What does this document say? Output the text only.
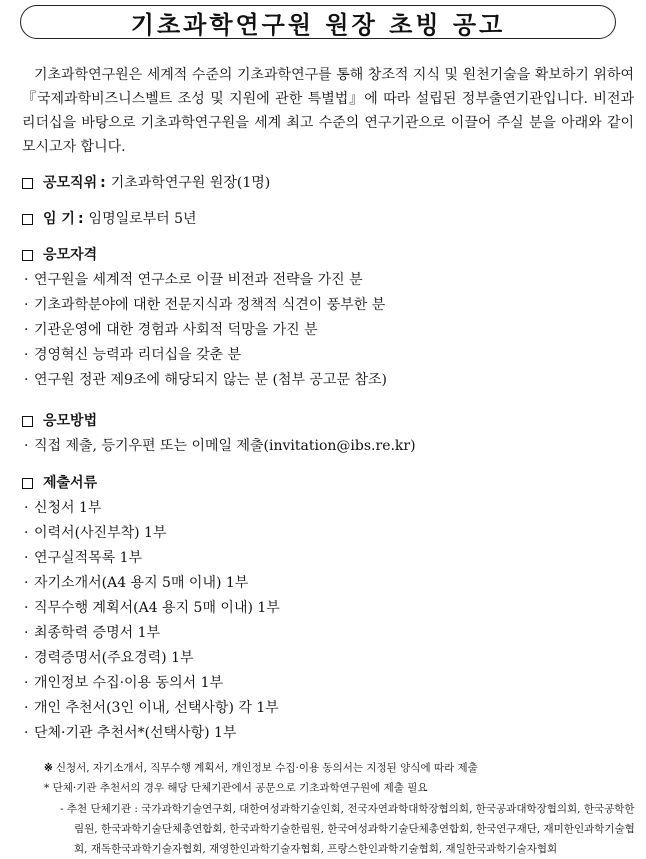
기초과학연구원 원장 초빙 공고

기초과학연구원은 세계적 수준의 기초과학연구를 통해 창조적 지식 및 원천기술을 확보하기 위하여 『국제과학비즈니스벨트 조성 및 지원에 관한 특별법』에 따라 설립된 정부출연기관입니다. 비전과 리더십을 바탕으로 기초과학연구원을 세계 최고 수준의 연구기관으로 이끌어 주실 분을 아래와 같이 모시고자 합니다.

공모직위 : 기초과학연구원 원장(1명)
임 기 : 임명일로부터 5년
응모자격
· 연구원을 세계적 연구소로 이끌 비전과 전략을 가진 분
· 기초과학분야에 대한 전문지식과 정책적 식견이 풍부한 분
· 기관운영에 대한 경험과 사회적 덕망을 가진 분
· 경영혁신 능력과 리더십을 갖춘 분
· 연구원 정관 제9조에 해당되지 않는 분 (첨부 공고문 참조)
응모방법
· 직접 제출, 등기우편 또는 이메일 제출(invitation@ibs.re.kr)
제출서류
· 신청서 1부
· 이력서(사진부착) 1부
· 연구실적목록 1부
· 자기소개서(A4 용지 5매 이내) 1부
· 직무수행 계획서(A4 용지 5매 이내) 1부
· 최종학력 증명서 1부
· 경력증명서(주요경력) 1부
· 개인정보 수집·이용 동의서 1부
· 개인 추천서(3인 이내, 선택사항) 각 1부
· 단체·기관 추천서*(선택사항) 1부

※ 신청서, 자기소개서, 직무수행 계획서, 개인정보 수집·이용 동의서는 지정된 양식에 따라 제출

* 단체·기관 추천서의 경우 해당 단체기관에서 공문으로 기초과학연구원에 제출 필요

- 추천 단체기관 : 국가과학기술연구회, 대한여성과학기술인회, 전국자연과학대학장협의회, 한국공과대학장협의회, 한국공학한림원, 한국과학기술단체총연합회, 한국과학기술한림원, 한국여성과학기술단체총연합회, 한국연구재단, 재미한인과학기술협회, 재독한국과학기술자협회, 재영한인과학기술자협회, 프랑스한인과학기술협회, 재일한국과학기술자협회
